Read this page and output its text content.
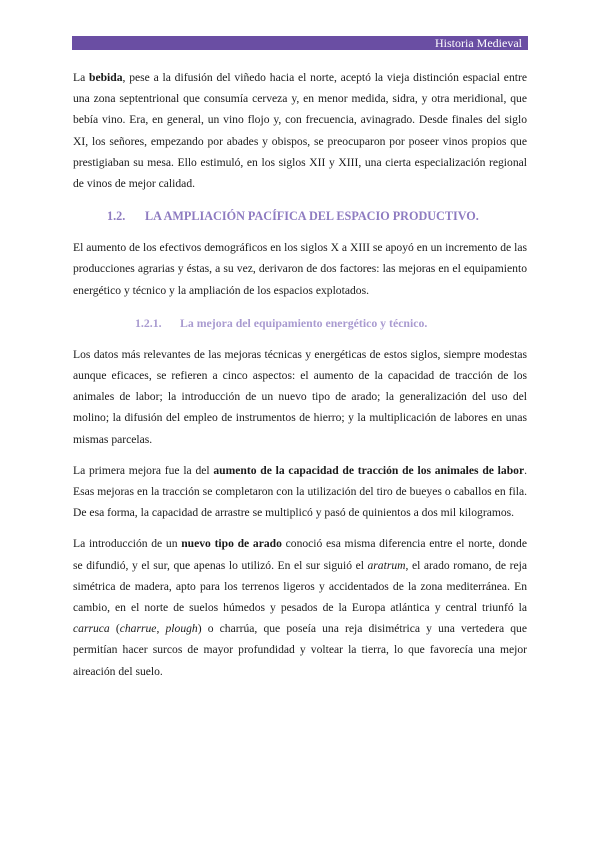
Historia Medieval

La bebida, pese a la difusión del viñedo hacia el norte, aceptó la vieja distinción espacial entre una zona septentrional que consumía cerveza y, en menor medida, sidra, y otra meridional, que bebía vino. Era, en general, un vino flojo y, con frecuencia, avinagrado. Desde finales del siglo XI, los señores, empezando por abades y obispos, se preocuparon por poseer vinos propios que prestigiaban su mesa. Ello estimuló, en los siglos XII y XIII, una cierta especialización regional de vinos de mejor calidad.

1.2. LA AMPLIACIÓN PACÍFICA DEL ESPACIO PRODUCTIVO.

El aumento de los efectivos demográficos en los siglos X a XIII se apoyó en un incremento de las producciones agrarias y éstas, a su vez, derivaron de dos factores: las mejoras en el equipamiento energético y técnico y la ampliación de los espacios explotados.

1.2.1. La mejora del equipamiento energético y técnico.

Los datos más relevantes de las mejoras técnicas y energéticas de estos siglos, siempre modestas aunque eficaces, se refieren a cinco aspectos: el aumento de la capacidad de tracción de los animales de labor; la introducción de un nuevo tipo de arado; la generalización del uso del molino; la difusión del empleo de instrumentos de hierro; y la multiplicación de labores en unas mismas parcelas.

La primera mejora fue la del aumento de la capacidad de tracción de los animales de labor. Esas mejoras en la tracción se completaron con la utilización del tiro de bueyes o caballos en fila. De esa forma, la capacidad de arrastre se multiplicó y pasó de quinientos a dos mil kilogramos.

La introducción de un nuevo tipo de arado conoció esa misma diferencia entre el norte, donde se difundió, y el sur, que apenas lo utilizó. En el sur siguió el aratrum, el arado romano, de reja simétrica de madera, apto para los terrenos ligeros y accidentados de la zona mediterránea. En cambio, en el norte de suelos húmedos y pesados de la Europa atlántica y central triunfó la carruca (charrue, plough) o charrúa, que poseía una reja disimétrica y una vertedera que permitían hacer surcos de mayor profundidad y voltear la tierra, lo que favorecía una mejor aireación del suelo.
